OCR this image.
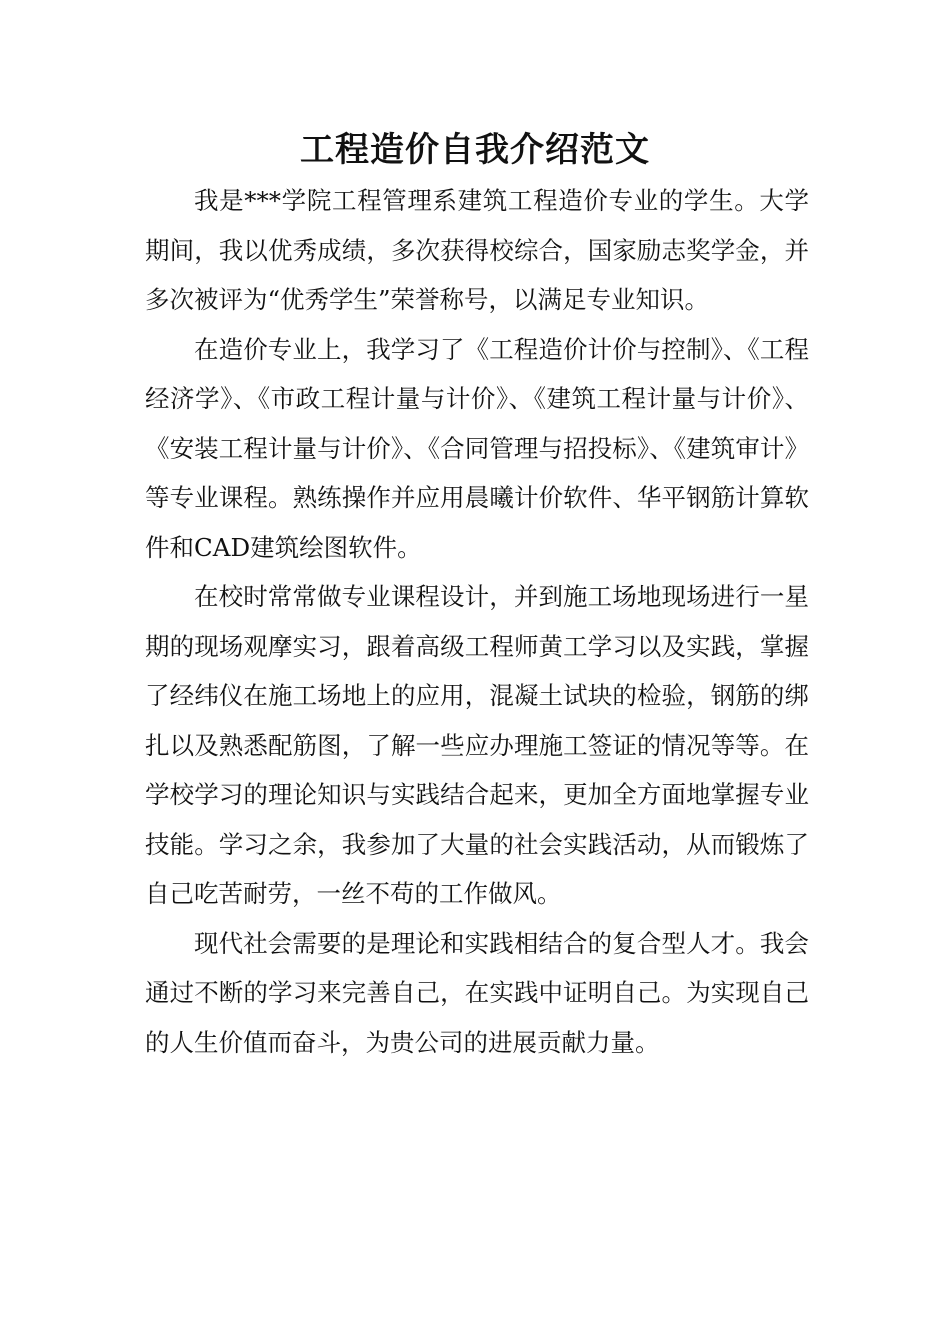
工程造价自我介绍范文

我是***学院工程管理系建筑工程造价专业的学生。大学期间，我以优秀成绩，多次获得校综合，国家励志奖学金，并多次被评为“优秀学生”荣誉称号，以满足专业知识。

在造价专业上，我学习了《工程造价计价与控制》、《工程经济学》、《市政工程计量与计价》、《建筑工程计量与计价》、《安装工程计量与计价》、《合同管理与招投标》、《建筑审计》等专业课程。熟练操作并应用晨曦计价软件、华平钢筋计算软件和CAD建筑绘图软件。

在校时常常做专业课程设计，并到施工场地现场进行一星期的现场观摩实习，跟着高级工程师黄工学习以及实践，掌握了经纬仪在施工场地上的应用，混凝土试块的检验，钢筋的绑扎以及熟悉配筋图，了解一些应办理施工签证的情况等等。在学校学习的理论知识与实践结合起来，更加全方面地掌握专业技能。学习之余，我参加了大量的社会实践活动，从而锻炼了自己吃苦耐劳，一丝不苟的工作做风。

现代社会需要的是理论和实践相结合的复合型人才。我会通过不断的学习来完善自己，在实践中证明自己。为实现自己的人生价值而奋斗，为贵公司的进展贡献力量。
